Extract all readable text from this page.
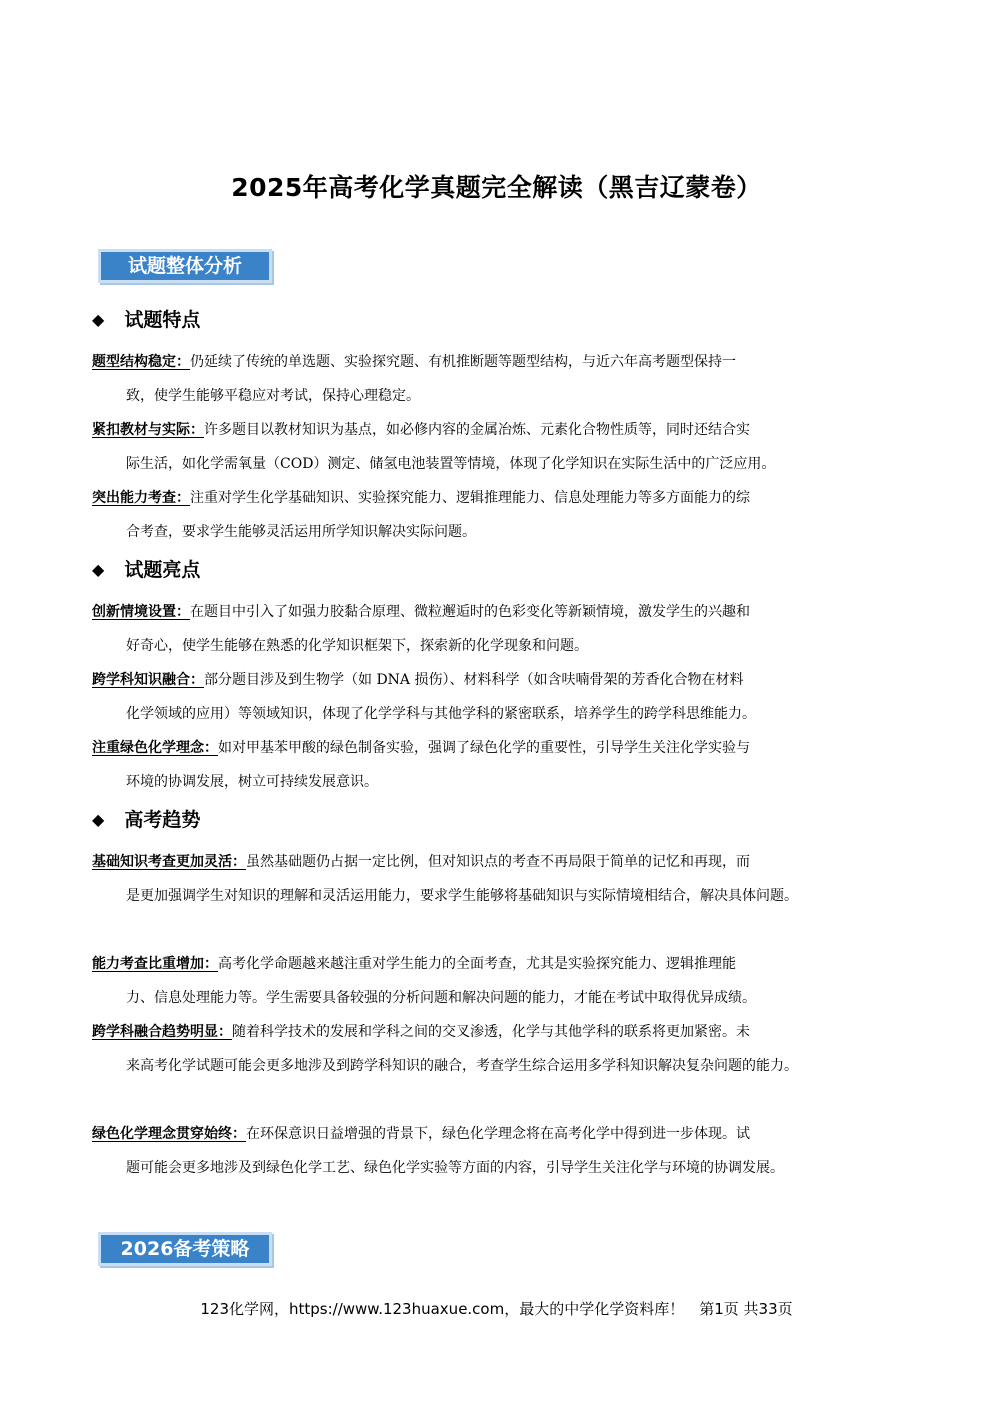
2025年高考化学真题完全解读（黑吉辽蒙卷）
试题整体分析
◆ 试题特点
题型结构稳定：仍延续了传统的单选题、实验探究题、有机推断题等题型结构，与近六年高考题型保持一
致，使学生能够平稳应对考试，保持心理稳定。
紧扣教材与实际：许多题目以教材知识为基点，如必修内容的金属冶炼、元素化合物性质等，同时还结合实
际生活，如化学需氧量（COD）测定、储氢电池装置等情境，体现了化学知识在实际生活中的广泛应用。
突出能力考查：注重对学生化学基础知识、实验探究能力、逻辑推理能力、信息处理能力等多方面能力的综
合考查，要求学生能够灵活运用所学知识解决实际问题。
◆ 试题亮点
创新情境设置：在题目中引入了如强力胶黏合原理、微粒邂逅时的色彩变化等新颖情境，激发学生的兴趣和
好奇心，使学生能够在熟悉的化学知识框架下，探索新的化学现象和问题。
跨学科知识融合：部分题目涉及到生物学（如 DNA 损伤）、材料科学（如含呋喃骨架的芳香化合物在材料
化学领域的应用）等领域知识，体现了化学学科与其他学科的紧密联系，培养学生的跨学科思维能力。
注重绿色化学理念：如对甲基苯甲酸的绿色制备实验，强调了绿色化学的重要性，引导学生关注化学实验与
环境的协调发展，树立可持续发展意识。
◆ 高考趋势
基础知识考查更加灵活：虽然基础题仍占据一定比例，但对知识点的考查不再局限于简单的记忆和再现，而
是更加强调学生对知识的理解和灵活运用能力，要求学生能够将基础知识与实际情境相结合，解决具体问题。
能力考查比重增加：高考化学命题越来越注重对学生能力的全面考查，尤其是实验探究能力、逻辑推理能
力、信息处理能力等。学生需要具备较强的分析问题和解决问题的能力，才能在考试中取得优异成绩。
跨学科融合趋势明显：随着科学技术的发展和学科之间的交叉渗透，化学与其他学科的联系将更加紧密。未
来高考化学试题可能会更多地涉及到跨学科知识的融合，考查学生综合运用多学科知识解决复杂问题的能力。
绿色化学理念贯穿始终：在环保意识日益增强的背景下，绿色化学理念将在高考化学中得到进一步体现。试
题可能会更多地涉及到绿色化学工艺、绿色化学实验等方面的内容，引导学生关注化学与环境的协调发展。
2026备考策略
123化学网，https://www.123huaxue.com，最大的中学化学资料库！　第1页 共33页
